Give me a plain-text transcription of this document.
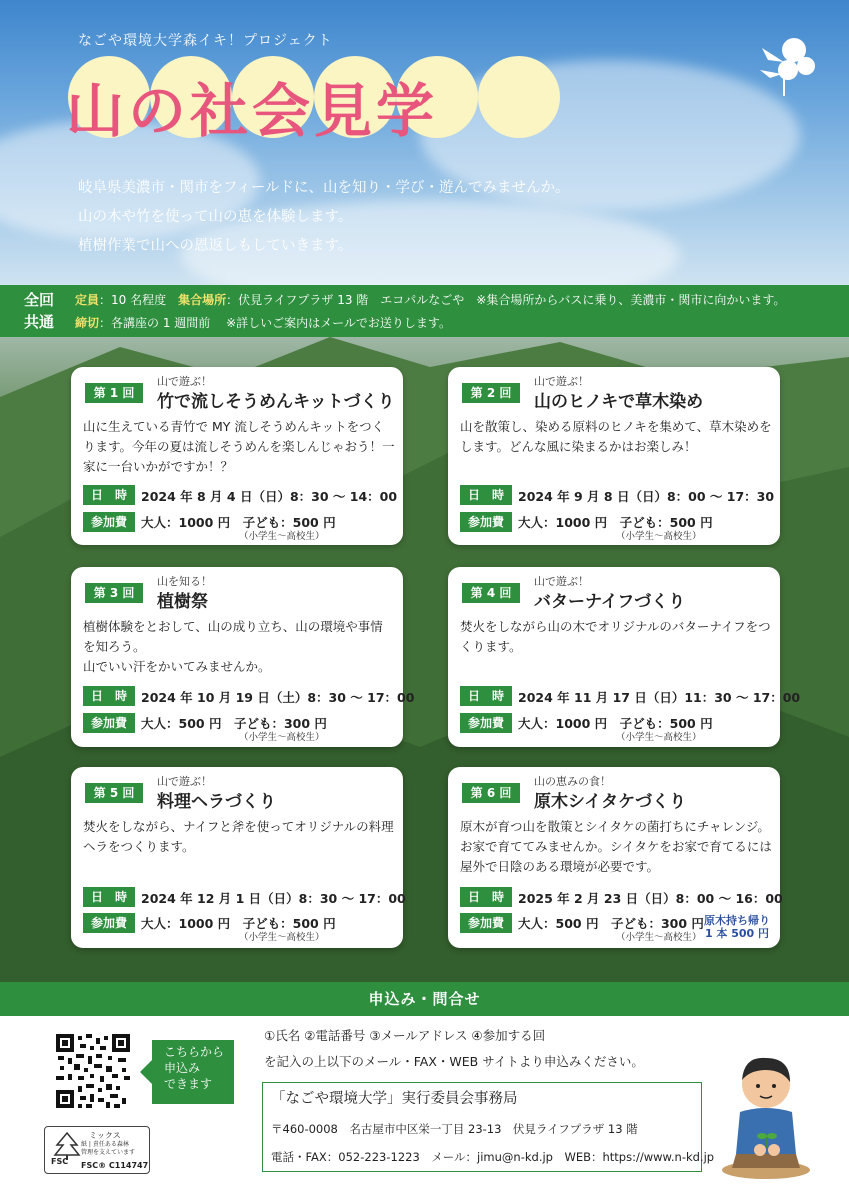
なごや環境大学森イキ！プロジェクト
山の社会見学
岐阜県美濃市・関市をフィールドに、山を知り・学び・遊んでみませんか。
山の木や竹を使って山の恵を体験します。
植樹作業で山への恩返しもしていきます。
全回
共通
定員：10 名程度　集合場所：伏見ライフプラザ 13 階　エコパルなごや　※集合場所からバスに乗り、美濃市・関市に向かいます。
締切：各講座の 1 週間前　 ※詳しいご案内はメールでお送りします。
第 1 回
山で遊ぶ！
竹で流しそうめんキットづくり
山に生えている青竹で MY 流しそうめんキットをつくります。今年の夏は流しそうめんを楽しんじゃおう！一家に一台いかがですか！？
日　時	2024 年 8 月 4 日（日）8：30 ～ 14：00
参加費	大人：1000 円　子ども：500 円
（小学生～高校生）
第 2 回
山で遊ぶ！
山のヒノキで草木染め
山を散策し、染める原料のヒノキを集めて、草木染めをします。どんな風に染まるかはお楽しみ！
日　時	2024 年 9 月 8 日（日）8：00 ～ 17：30
参加費	大人：1000 円　子ども：500 円
（小学生～高校生）
第 3 回
山を知る！
植樹祭
植樹体験をとおして、山の成り立ち、山の環境や事情を知ろう。
山でいい汗をかいてみませんか。
日　時	2024 年 10 月 19 日（土）8：30 ～ 17：00
参加費	大人：500 円　子ども：300 円
（小学生～高校生）
第 4 回
山で遊ぶ！
バターナイフづくり
焚火をしながら山の木でオリジナルのバターナイフをつくります。
日　時	2024 年 11 月 17 日（日）11：30 ～ 17：00
参加費	大人：1000 円　子ども：500 円
（小学生～高校生）
第 5 回
山で遊ぶ！
料理ヘラづくり
焚火をしながら、ナイフと斧を使ってオリジナルの料理ヘラをつくります。
日　時	2024 年 12 月 1 日（日）8：30 ～ 17：00
参加費	大人：1000 円　子ども：500 円
（小学生～高校生）
第 6 回
山の恵みの食！
原木シイタケづくり
原木が育つ山を散策とシイタケの菌打ちにチャレンジ。お家で育ててみませんか。シイタケをお家で育てるには屋外で日陰のある環境が必要です。
日　時	2025 年 2 月 23 日（日）8：00 ～ 16：00
参加費	大人：500 円　子ども：300 円
（小学生～高校生）
原木持ち帰り
1 本 500 円
申込み・問合せ
こちらから
申込み
できます
FSC
ミックス
紙 | 責任ある森林
管理を支えています
FSC® C114747
①氏名 ②電話番号 ③メールアドレス ④参加する回
を記入の上以下のメール・FAX・WEB サイトより申込みください。
「なごや環境大学」実行委員会事務局
〒460-0008　名古屋市中区栄一丁目 23-13　伏見ライフプラザ 13 階
電話・FAX：052-223-1223　メール：jimu@n-kd.jp　WEB：https://www.n-kd.jp
